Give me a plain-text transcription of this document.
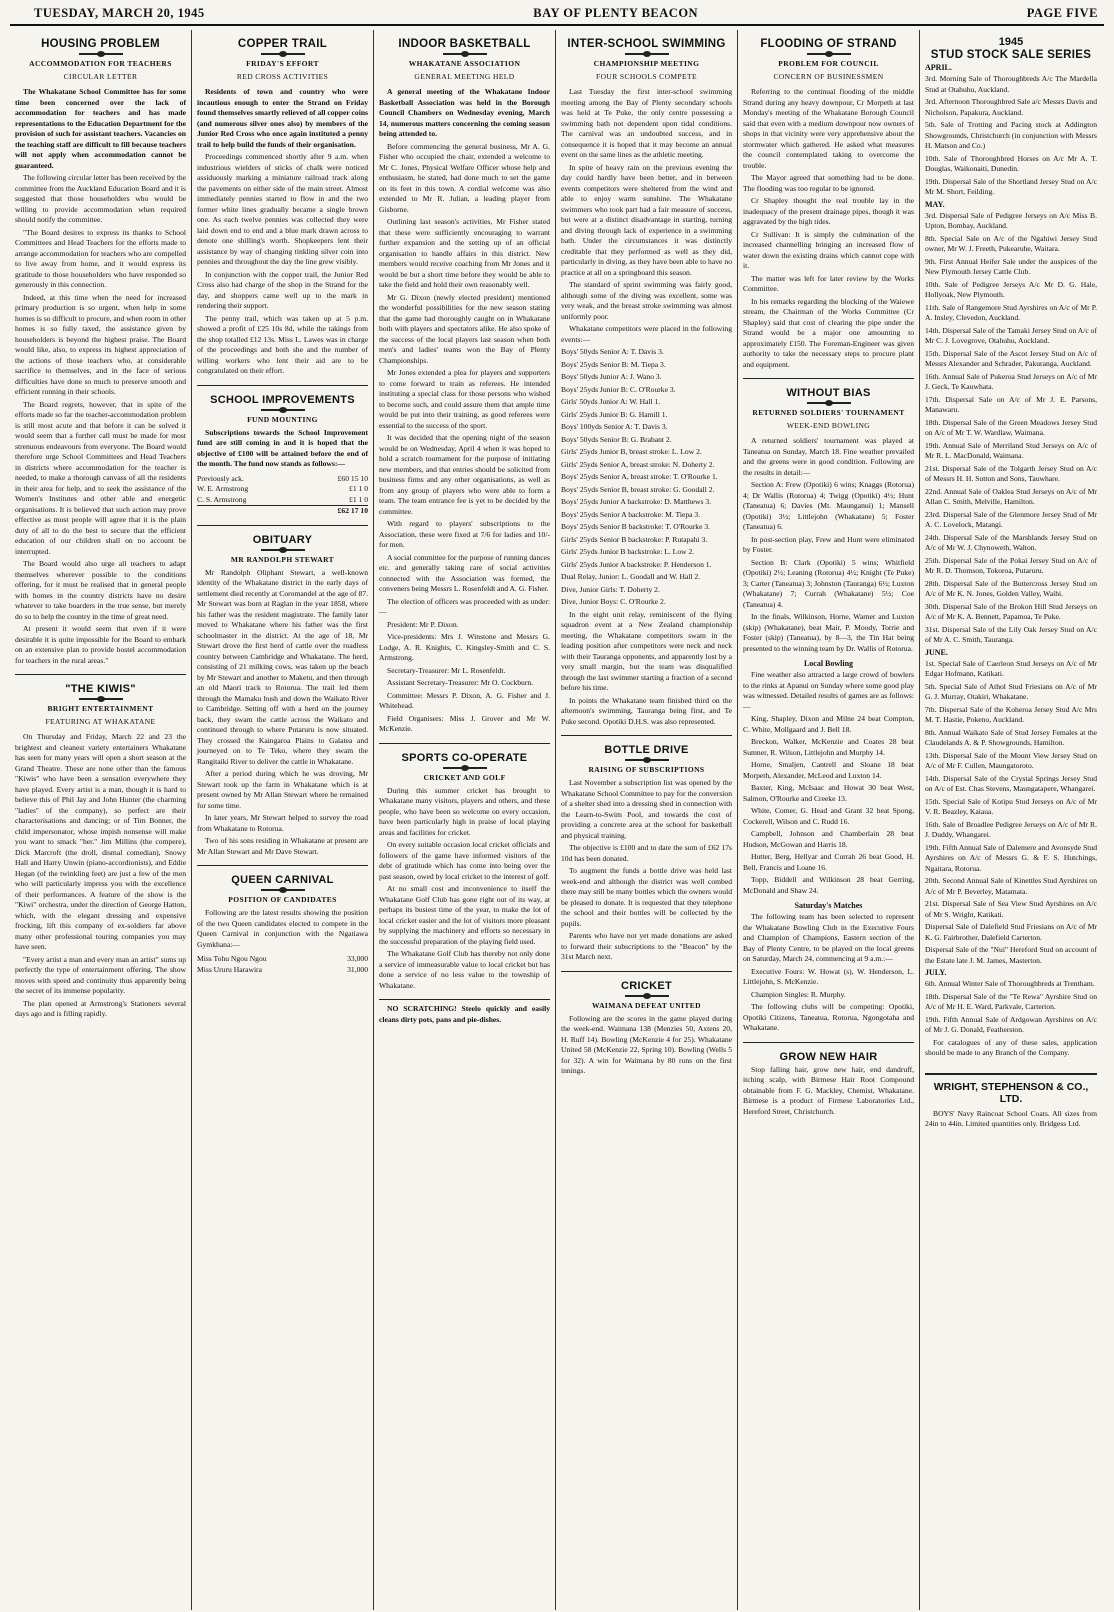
TUESDAY, MARCH 20, 1945	BAY OF PLENTY BEACON	PAGE FIVE
HOUSING PROBLEM
ACCOMMODATION FOR TEACHERS
CIRCULAR LETTER

The Whakatane School Committee has for some time been concerned over the lack of accommodation for teachers and has made representations to the Education Department for the provision of such for assistant teachers. Vacancies on the teaching staff are difficult to fill because teachers will not apply when accommodation cannot be guaranteed.

The following circular letter has been received by the committee from the Auckland Education Board and it is suggested that those householders who would be willing to provide accommodation when required should notify the committee.

"The Board desires to express its thanks to School Committees and Head Teachers for the efforts made to arrange accommodation for teachers who are compelled to live away from home, and it would express its gratitude to those householders who have responded so generously in this connection.

Indeed, at this time when the need for increased primary production is so urgent, when help in some homes is so difficult to procure, and when room in other homes is so fully taxed, the assistance given by householders is beyond the highest praise. The Board would like, also, to express its highest appreciation of the actions of those teachers who, at considerable sacrifice to themselves, and in the face of serious difficulties have done so much to preserve smooth and efficient running in their schools.

The Board regrets, however, that in spite of the efforts made so far the teacher-accommodation problem is still most acute and that before it can be solved it would seem that a further call must be made for most strenuous endeavours from everyone. The Board would therefore urge School Committees and Head Teachers in districts where accommodation for the teacher is needed, to make a thorough canvass of all the residents in their area for help, and to seek the assistance of the Women's Institutes and other able and energetic organisations. It is believed that such action may prove effective as most people will agree that it is the plain duty of all to do the best to secure that the efficient education of our children shall on no account be interrupted.

The Board would also urge all teachers to adapt themselves wherever possible to the conditions offering, for it must be realised that in general people with homes in the country districts have no desire whatever to take boarders in the true sense, but merely do so to help the country in the time of great need.

At present it would seem that even if it were desirable it is quite impossible for the Board to embark on an extensive plan to provide hostel accommodation for teachers in the rural areas."

"THE KIWIS"
BRIGHT ENTERTAINMENT
FEATURING AT WHAKATANE

On Thursday and Friday, March 22 and 23 the brightest and cleanest variety entertainers Whakatane has seen for many years will open a short season at the Grand Theatre. These are none other than the famous "Kiwis" who have been a sensation everywhere they have played. Every artist is a man, though it is hard to believe this of Phil Jay and John Hunter (the charming "ladies" of the company), so perfect are their characterisations and dancing; or of Tim Bonner, the child impersonator, whose impish nonsense will make you want to smack "her." Jim Millins (the compere), Dick Marcroft (the droll, dismal comedian), Snowy Hall and Harry Unwin (piano-accordionists), and Eddie Hegan (of the twinkling feet) are just a few of the men who will particularly impress you with the excellence of their performances. A feature of the show is the "Kiwi" orchestra, under the direction of George Hatton, which, with the elegant dressing and expensive frocking, lift this company of ex-soldiers far above many other professional touring companies you may have seen.

"Every artist a man and every man an artist" sums up perfectly the type of entertainment offering. The show moves with speed and continuity thus apparently being the secret of its immense popularity.

The plan opened at Armstrong's Stationers several days ago and is filling rapidly.

COPPER TRAIL
FRIDAY'S EFFORT
RED CROSS ACTIVITIES

Residents of town and country who were incautious enough to enter the Strand on Friday found themselves smartly relieved of all copper coins (and numerous silver ones also) by members of the Junior Red Cross who once again instituted a penny trail to help build the funds of their organisation.

Proceedings commenced shortly after 9 a.m. when industrious wielders of sticks of chalk were noticed assiduously marking a miniature railroad track along the pavements on either side of the main street. Almost immediately pennies started to flow in and the two former white lines gradually became a single brown one. As each twelve pennies was collected they were laid down end to end and a blue mark drawn across to denote one shilling's worth. Shopkeepers lent their assistance by way of changing tinkling silver coin into pennies and throughout the day the line grew visibly.

In conjunction with the copper trail, the Junior Red Cross also had charge of the shop in the Strand for the day, and shoppers came well up to the mark in rendering their support.

The penny trail, which was taken up at 5 p.m. showed a profit of £25 10s 8d, while the takings from the shop totalled £12 13s. Miss L. Lawes was in charge of the proceedings and both she and the number of willing workers who lent their aid are to be congratulated on their effort.

SCHOOL IMPROVEMENTS
FUND MOUNTING

Subscriptions towards the School Improvement fund are still coming in and it is hoped that the objective of £100 will be attained before the end of the month. The fund now stands as follows:—

Previously ack.	£60 15 10
W. E. Armstrong	£1 1 0
C. S. Armstrong	£1 1 0
£62 17 10
OBITUARY
MR RANDOLPH STEWART

Mr Randolph Oliphant Stewart, a well-known identity of the Whakatane district in the early days of settlement died recently at Coromandel at the age of 87. Mr Stewart was born at Raglan in the year 1858, where his father was the resident magistrate. The family later moved to Whakatane where his father was the first schoolmaster in the district. At the age of 18, Mr Stewart drove the first herd of cattle over the roadless country between Cambridge and Whakatane. The herd, consisting of 21 milking cows, was taken up the beach by Mr Stewart and another to Maketu, and then through an old Maori track to Rotorua. The trail led them through the Mamaku bush and down the Waikato River to Cambridge. Setting off with a herd on the journey back, they swam the cattle across the Waikato and continued through to where Putaruru is now situated. They crossed the Kaingaroa Plains to Galatea and journeyed on to Te Teko, where they swam the Rangitaiki River to deliver the cattle in Whakatane.

After a period during which he was droving, Mr Stewart took up the farm in Whakatane which is at present owned by Mr Allan Stewart where he remained for some time.

In later years, Mr Stewart helped to survey the road from Whakatane to Rotorua.

Two of his sons residing in Whakatane at present are Mr Allan Stewart and Mr Dave Stewart.

QUEEN CARNIVAL
POSITION OF CANDIDATES

Following are the latest results showing the position of the two Queen candidates elected to compete in the Queen Carnival in conjunction with the Ngatiawa Gymkhana:—

Miss Tohu Ngou Ngou	33,000
Miss Ururu Harawira	31,000
INDOOR BASKETBALL
WHAKATANE ASSOCIATION
GENERAL MEETING HELD

A general meeting of the Whakatane Indoor Basketball Association was held in the Borough Council Chambers on Wednesday evening, March 14, numerous matters concerning the coming season being attended to.

Before commencing the general business, Mr A. G. Fisher who occupied the chair, extended a welcome to Mr C. Jones, Physical Welfare Officer whose help and enthusiasm, he stated, had done much to set the game on its feet in this town. A cordial welcome was also extended to Mr R. Julian, a leading player from Gisborne.

Outlining last season's activities, Mr Fisher stated that these were sufficiently encouraging to warrant further expansion and the setting up of an official organisation to handle affairs in this district. New members would receive coaching from Mr Jones and it would be but a short time before they would be able to take the field and hold their own reasonably well.

Mr G. Dixon (newly elected president) mentioned the wonderful possibilities for the new season stating that the game had thoroughly caught on in Whakatane both with players and spectators alike. He also spoke of the success of the local players last season when both men's and ladies' teams won the Bay of Plenty Championships.

Mr Jones extended a plea for players and supporters to come forward to train as referees. He intended instituting a special class for those persons who wished to become such, and could assure them that ample time would be put into their training, as good referees were essential to the success of the sport.

It was decided that the opening night of the season would be on Wednesday, April 4 when it was hoped to hold a scratch tournament for the purpose of initiating new members, and that entries should be solicited from business firms and any other organisations, as well as from any group of players who were able to form a team. The team entrance fee is yet to be decided by the committee.

With regard to players' subscriptions to the Association, these were fixed at 7/6 for ladies and 10/- for men.

A social committee for the purpose of running dances etc. and generally taking care of social activities connected with the Association was formed, the conveners being Messrs L. Rosenfeldt and A. G. Fisher.

The election of officers was proceeded with as under:—

President: Mr P. Dixon.

Vice-presidents: Mrs J. Winstone and Messrs G. Lodge, A. R. Knights, C. Kingsley-Smith and C. S. Armstrong.

Secretary-Treasurer: Mr L. Rosenfeldt.

Assistant Secretary-Treasurer: Mr O. Cockburn.

Committee: Messrs P. Dixon, A. G. Fisher and J. Whitehead.

Field Organisers: Miss J. Grover and Mr W. McKenzie.

SPORTS CO-OPERATE
CRICKET AND GOLF

During this summer cricket has brought to Whakatane many visitors, players and others, and these people, who have been so welcome on every occasion, have been particularly high in praise of local playing areas and facilities for cricket.

On every suitable occasion local cricket officials and followers of the game have informed visitors of the debt of gratitude which has come into being over the past season, owed by local cricket to the interest of golf.

At no small cost and inconvenience to itself the Whakatane Golf Club has gone right out of its way, at perhaps its busiest time of the year, to make the lot of local cricket easier and the lot of visitors more pleasant by supplying the machinery and efforts so necessary in the successful preparation of the playing field used.

The Whakatane Golf Club has thereby not only done a service of immeasurable value to local cricket but has done a service of no less value to the township of Whakatane.

NO SCRATCHING! Steelo quickly and easily cleans dirty pots, pans and pie-dishes.

INTER-SCHOOL SWIMMING
CHAMPIONSHIP MEETING
FOUR SCHOOLS COMPETE

Last Tuesday the first inter-school swimming meeting among the Bay of Plenty secondary schools was held at Te Puke, the only centre possessing a swimming bath not dependent upon tidal conditions. The carnival was an undoubted success, and in consequence it is hoped that it may become an annual event on the same lines as the athletic meeting.

In spite of heavy rain on the previous evening the day could hardly have been better, and in between events competitors were sheltered from the wind and able to enjoy warm sunshine. The Whakatane swimmers who took part had a fair measure of success, but were at a distinct disadvantage in starting, turning and diving through lack of experience in a swimming bath. Under the circumstances it was distinctly creditable that they performed as well as they did, particularly in diving, as they have been able to have no practice at all on a springboard this season.

The standard of sprint swimming was fairly good, although some of the diving was excellent, some was very weak, and the breast stroke swimming was almost uniformly poor.

Whakatane competitors were placed in the following events:—

Boys' 50yds Senior A: T. Davis 3.

Boys' 25yds Senior B: M. Tiepa 3.

Boys' 50yds Junior A: J. Wano 3.

Boys' 25yds Junior B: C. O'Rourke 3.

Girls' 50yds Junior A: W. Hall 1.

Girls' 25yds Junior B: G. Hamill 1.

Boys' 100yds Senior A: T. Davis 3.

Boys' 50yds Senior B: G. Brabant 2.

Girls' 25yds Junior B, breast stroke: L. Low 2.

Girls' 25yds Senior A, breast stroke: N. Doherty 2.

Boys' 25yds Senior A, breast stroke: T. O'Rourke 1.

Boys' 25yds Senior B, breast stroke: G. Goodall 2.

Boys' 25yds Junior A backstroke: D. Matthews 3.

Boys' 25yds Senior A backstroke: M. Tiepa 3.

Boys' 25yds Senior B backstroke: T. O'Rourke 3.

Girls' 25yds Senior B backstroke: P. Rutapahi 3.

Girls' 25yds Junior B backstroke: L. Low 2.

Girls' 25yds Junior A backstroke: P. Henderson 1.

Dual Relay, Junior: L. Goodall and W. Hall 2.

Dive, Junior Girls: T. Doherty 2.

Dive, Junior Boys: C. O'Rourke 2.

In the eight unit relay, reminiscent of the flying squadron event at a New Zealand championship meeting, the Whakatane competitors swam in the leading position after competitors were neck and neck with their Tauranga opponents, and apparently lost by a very small margin, but the team was disqualified through the last swimmer starting a fraction of a second before his time.

In points the Whakatane team finished third on the afternoon's swimming, Tauranga being first, and Te Puke second. Opotiki D.H.S. was also represented.

BOTTLE DRIVE
RAISING OF SUBSCRIPTIONS

Last November a subscription list was opened by the Whakatane School Committee to pay for the conversion of a shelter shed into a dressing shed in connection with the Learn-to-Swim Pool, and towards the cost of providing a concrete area at the school for basketball and physical training.

The objective is £100 and to date the sum of £62 17s 10d has been donated.

To augment the funds a bottle drive was held last week-end and although the district was well combed there may still be many bottles which the owners would be pleased to donate. It is requested that they telephone the school and their bottles will be collected by the pupils.

Parents who have not yet made donations are asked to forward their subscriptions to the "Beacon" by the 31st March next.

CRICKET
WAIMANA DEFEAT UNITED

Following are the scores in the game played during the week-end. Waimana 138 (Menzies 50, Axtens 20, H. Ruff 14). Bowling (McKenzie 4 for 25). Whakatane United 58 (McKenzie 22, Spring 10). Bowling (Wells 5 for 32). A win for Waimana by 80 runs on the first innings.

FLOODING OF STRAND
PROBLEM FOR COUNCIL
CONCERN OF BUSINESSMEN

Referring to the continual flooding of the middle Strand during any heavy downpour, Cr Morpeth at last Monday's meeting of the Whakatane Borough Council said that even with a medium downpour now owners of shops in that vicinity were very apprehensive about the stormwater which gathered. He asked what measures the council contemplated taking to overcome the trouble.

The Mayor agreed that something had to be done. The flooding was too regular to be ignored.

Cr Shapley thought the real trouble lay in the inadequacy of the present drainage pipes, though it was aggravated by the high tides.

Cr Sullivan: It is simply the culmination of the increased channelling bringing an increased flow of water down the existing drains which cannot cope with it.

The matter was left for later review by the Works Committee.

In his remarks regarding the blocking of the Waiewe stream, the Chairman of the Works Committee (Cr Shapley) said that cost of clearing the pipe under the Strand would be a major one amounting to approximately £150. The Foreman-Engineer was given authority to take the necessary steps to procure plant and equipment.

WITHOUT BIAS
RETURNED SOLDIERS' TOURNAMENT
WEEK-END BOWLING

A returned soldiers' tournament was played at Taneatua on Sunday, March 18. Fine weather prevailed and the greens were in good condition. Following are the results in detail:—

Section A: Frew (Opotiki) 6 wins; Knaggs (Rotorua) 4; Dr Wallis (Rotorua) 4; Twigg (Opotiki) 4½; Hunt (Taneatua) 6; Davies (Mt. Maunganui) 1; Mansell (Opotiki) 3½; Littlejohn (Whakatane) 5; Foster (Taneatua) 6.

In post-section play, Frew and Hunt were eliminated by Foster.

Section B: Clark (Opotiki) 5 wins; Whitfield (Opotiki) 2½; Leaning (Rotorua) 4½; Knight (Te Puke) 3; Carter (Taneatua) 3; Johnston (Tauranga) 6½; Luxton (Whakatane) 7; Currah (Whakatane) 5½; Coe (Taneatua) 4.

In the finals, Wilkinson, Horne, Warner and Luxton (skip) (Whakatane), beat Mair, P. Moody, Torrie and Foster (skip) (Taneatua), by 8—3, the Tin Hat being presented to the winning team by Dr. Wallis of Rotorua.

Local Bowling

Fine weather also attracted a large crowd of bowlers to the rinks at Apanui on Sunday where some good play was witnessed. Detailed results of games are as follows:—

King, Shapley, Dixon and Milne 24 beat Compton, C. White, Mollgaard and J. Bell 18.

Breckon, Walker, McKenzie and Coates 28 beat Sumner, R. Wilson, Littlejohn and Murphy 14.

Horne, Smaljen, Cantrell and Sloane 18 beat Morpeth, Alexander, McLeod and Luxton 14.

Baxter, King, McIsaac and Howat 30 beat West, Salmon, O'Rourke and Creeke 13.

White, Comer, G. Head and Grant 32 beat Spong, Cockerell, Wilson and C. Rudd 16.

Campbell, Johnson and Chamberlain 28 beat Hudson, McGowan and Harris 18.

Hutter, Berg, Hellyar and Currah 26 beat Good, H. Bell, Francis and Loane 16.

Topp, Biddell and Wilkinson 28 beat Gerring, McDonald and Shaw 24.

Saturday's Matches

The following team has been selected to represent the Whakatane Bowling Club in the Executive Fours and Champion of Champions, Eastern section of the Bay of Plenty Centre, to be played on the local greens on Saturday, March 24, commencing at 9 a.m.:—

Executive Fours: W. Howat (s), W. Henderson, L. Littlejohn, S. McKenzie.

Champion Singles: R. Murphy.

The following clubs will be competing: Opotiki, Opotiki Citizens, Taneatua, Rotorua, Ngongotaha and Whakatane.

GROW NEW HAIR

Stop falling hair, grow new hair, end dandruff, itching scalp, with Birmese Hair Root Compound obtainable from F. G. Mackley, Chemist, Whakatane. Birmese is a product of Firmese Laboratories Ltd., Hereford Street, Christchurch.

1945
STUD STOCK SALE SERIES
APRIL.

3rd. Morning Sale of Thoroughbreds A/c The Mardella Stud at Otahuhu, Auckland.

3rd. Afternoon Thoroughbred Sale a/c Messrs Davis and Nicholson, Papakura, Auckland.

5th. Sale of Trotting and Pacing stock at Addington Showgrounds, Christchurch (in conjunction with Messrs H. Matson and Co.)

10th. Sale of Thoroughbred Horses on A/c Mr A. T. Douglas, Waikonaiti, Dunedin.

19th. Dispersal Sale of the Shortland Jersey Stud on A/c Mr M. Short, Feilding.

MAY.

3rd. Dispersal Sale of Pedigree Jerseys on A/c Miss B. Upton, Bombay, Auckland.

8th. Special Sale on A/c of the Ngahiwi Jersey Stud owner, Mr W. J. Freeth, Pukearuhe, Waitara.

9th. First Annual Heifer Sale under the auspices of the New Plymouth Jersey Cattle Club.

10th. Sale of Pedigree Jerseys A/c Mr D. G. Hale, Hollyoak, New Plymouth.

11th. Sale of Rangemore Stud Ayrshires on A/c of Mr P. A. Insley, Clevedon, Auckland.

14th. Dispersal Sale of the Tamaki Jersey Stud on A/c of Mr C. J. Lovegrove, Otahuhu, Auckland.

15th. Dispersal Sale of the Ascot Jersey Stud on A/c of Messrs Alexander and Schrader, Pakuranga, Auckland.

16th. Annual Sale of Pukeroa Stud Jerseys on A/c of Mr J. Geck, Te Kauwhata.

17th. Dispersal Sale on A/c of Mr J. E. Parsons, Manawaru.

18th. Dispersal Sale of the Green Meadows Jersey Stud on A/c of Mr T. W. Wardlaw, Waimana.

19th. Annual Sale of Merriland Stud Jerseys on A/c of Mr R. L. MacDonald, Waimana.

21st. Dispersal Sale of the Tolgarth Jersey Stud on A/c of Messrs H. H. Sutton and Sons, Tauwhare.

22nd. Annual Sale of Oaklea Stud Jerseys on A/c of Mr Allan C. Smith, Melville, Hamilton.

23rd. Dispersal Sale of the Glenmore Jersey Stud of Mr A. C. Lovelock, Matangi.

24th. Dispersal Sale of the Marshlands Jersey Stud on A/c of Mr W. J. Chynoweth, Walton.

25th. Dispersal Sale of the Pokai Jersey Stud on A/c of Mr R. D. Thomson, Tokoroa, Putaruru.

28th. Dispersal Sale of the Buttercross Jersey Stud on A/c of Mr K. N. Jones, Golden Valley, Waihi.

30th. Dispersal Sale of the Brokon Hill Stud Jerseys on A/c of Mr K. A. Bennett, Papamoa, Te Puke.

31st. Dispersal Sale of the Lily Oak Jersey Stud on A/c of Mr A. C. Smith, Tauranga.

JUNE.

1st. Special Sale of Caerleon Stud Jerseys on A/c of Mr Edgar Hofmann, Katikati.

5th. Special Sale of Athol Stud Friesians on A/c of Mr G. J. Murray, Otakiri, Whakatane.

7th. Dispersal Sale of the Koheroa Jersey Stud A/c Mrs M. T. Hastie, Pokeno, Auckland.

8th. Annual Waikato Sale of Stud Jersey Females at the Claudelands A. & P. Showgrounds, Hamilton.

13th. Dispersal Sale of the Mount View Jersey Stud on A/c of Mr F. Cullen, Maungatoroto.

14th. Dispersal Sale of the Crystal Springs Jersey Stud on A/c of Est. Chas Stevens, Maungatapere, Whangarei.

15th. Special Sale of Kotipu Stud Jerseys on A/c of Mr V. R. Beazley, Kaiaua.

16th. Sale of Broadlee Pedigree Jerseys on A/c of Mr R. J. Duddy, Whangarei.

19th. Fifth Annual Sale of Dalemere and Avonsyde Stud Ayrshires on A/c of Messrs G. & F. S. Hutchings, Ngaitara, Rotorua.

20th. Second Annual Sale of Kinettles Stud Ayrshires on A/c of Mr P. Beverley, Matamata.

21st. Dispersal Sale of Sea View Stud Ayrshires on A/c of Mr S. Wright, Katikati.

Dispersal Sale of Dalefield Stud Friesians on A/c of Mr K. G. Fairbrother, Dalefield Carterton.

Dispersal Sale of the "Nui" Hereford Stud on account of the Estate late J. M. James, Masterton.

JULY.

6th. Annual Winter Sale of Thoroughbreds at Trentham.

18th. Dispersal Sale of the "Te Rewa" Ayrshire Stud on A/c of Mr H. E. Ward, Parkvale, Carterton.

19th. Fifth Annual Sale of Ardgowan Ayrshires on A/c of Mr J. G. Donald, Featherston.

For catalogues of any of these sales, application should be made to any Branch of the Company.

WRIGHT, STEPHENSON & CO., LTD.

BOYS' Navy Raincoat School Coats. All sizes from 24in to 44in. Limited quantities only. Bridgess Ltd.
